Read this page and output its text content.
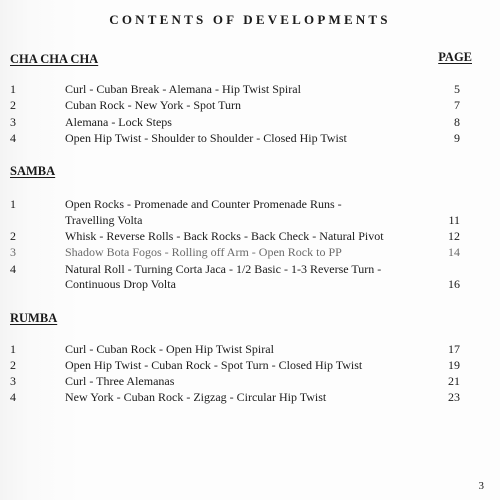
CONTENTS OF DEVELOPMENTS
CHA CHA CHA	PAGE
1	Curl - Cuban Break - Alemana - Hip Twist Spiral	5
2	Cuban Rock - New York - Spot Turn	7
3	Alemana - Lock Steps	8
4	Open Hip Twist - Shoulder to Shoulder - Closed Hip Twist	9
SAMBA
1	Open Rocks - Promenade and Counter Promenade Runs -
Travelling Volta	11
2	Whisk - Reverse Rolls - Back Rocks - Back Check - Natural Pivot	12
3	Shadow Bota Fogos - Rolling off Arm - Open Rock to PP	14
4	Natural Roll - Turning Corta Jaca - 1/2 Basic - 1-3 Reverse Turn -
Continuous Drop Volta	16
RUMBA
1	Curl - Cuban Rock - Open Hip Twist Spiral	17
2	Open Hip Twist - Cuban Rock - Spot Turn - Closed Hip Twist	19
3	Curl - Three Alemanas	21
4	New York - Cuban Rock - Zigzag - Circular Hip Twist	23
3
